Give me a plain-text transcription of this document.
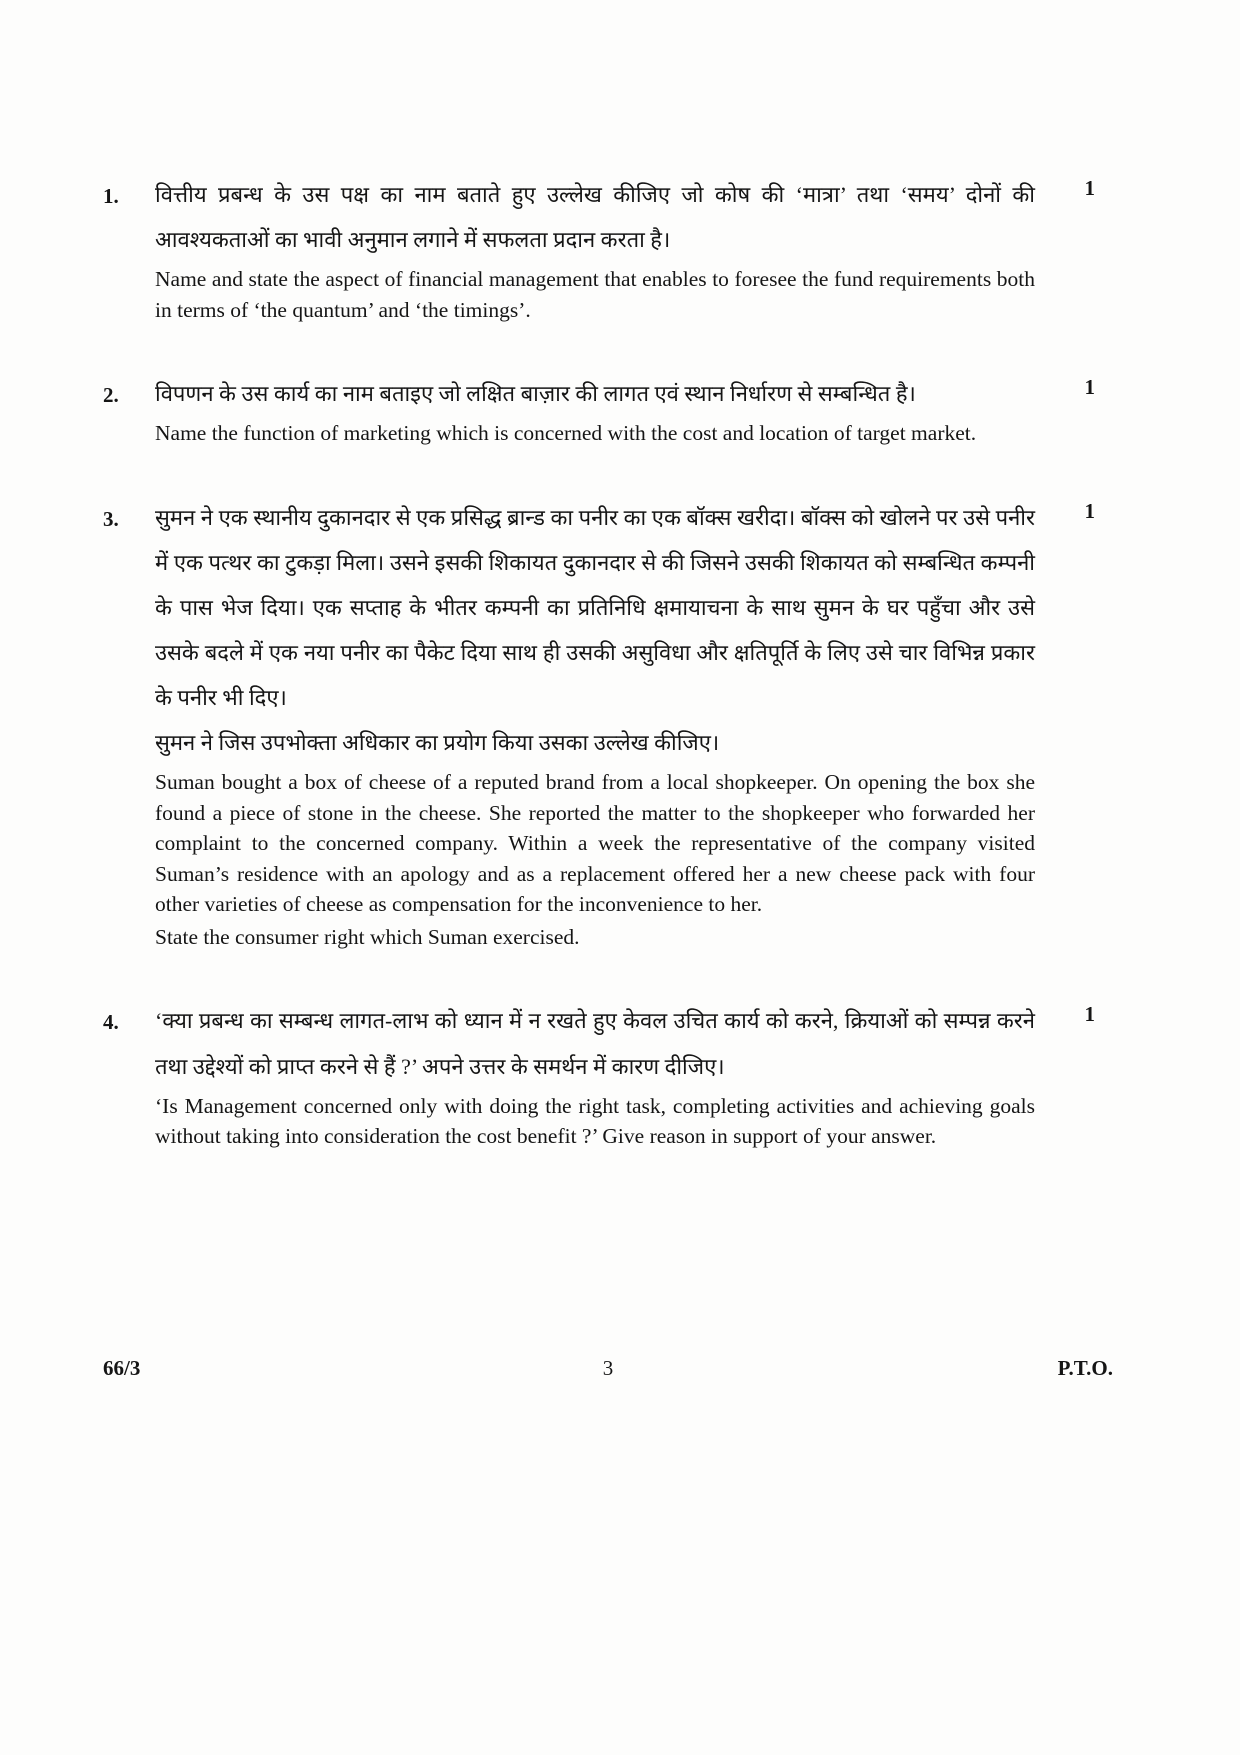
1.	वित्तीय प्रबन्ध के उस पक्ष का नाम बताते हुए उल्लेख कीजिए जो कोष की ‘मात्रा’ तथा ‘समय’ दोनों की आवश्यकताओं का भावी अनुमान लगाने में सफलता प्रदान करता है।

Name and state the aspect of financial management that enables to foresee the fund requirements both in terms of ‘the quantum’ and ‘the timings’.

1
2.	विपणन के उस कार्य का नाम बताइए जो लक्षित बाज़ार की लागत एवं स्थान निर्धारण से सम्बन्धित है।

Name the function of marketing which is concerned with the cost and location of target market.

1
3.	सुमन ने एक स्थानीय दुकानदार से एक प्रसिद्ध ब्रान्ड का पनीर का एक बॉक्स खरीदा। बॉक्स को खोलने पर उसे पनीर में एक पत्थर का टुकड़ा मिला। उसने इसकी शिकायत दुकानदार से की जिसने उसकी शिकायत को सम्बन्धित कम्पनी के पास भेज दिया। एक सप्ताह के भीतर कम्पनी का प्रतिनिधि क्षमायाचना के साथ सुमन के घर पहुँचा और उसे उसके बदले में एक नया पनीर का पैकेट दिया साथ ही उसकी असुविधा और क्षतिपूर्ति के लिए उसे चार विभिन्न प्रकार के पनीर भी दिए।

सुमन ने जिस उपभोक्ता अधिकार का प्रयोग किया उसका उल्लेख कीजिए।

Suman bought a box of cheese of a reputed brand from a local shopkeeper. On opening the box she found a piece of stone in the cheese. She reported the matter to the shopkeeper who forwarded her complaint to the concerned company. Within a week the representative of the company visited Suman’s residence with an apology and as a replacement offered her a new cheese pack with four other varieties of cheese as compensation for the inconvenience to her.

State the consumer right which Suman exercised.

1
4.	‘क्या प्रबन्ध का सम्बन्ध लागत-लाभ को ध्यान में न रखते हुए केवल उचित कार्य को करने, क्रियाओं को सम्पन्न करने तथा उद्देश्यों को प्राप्त करने से हैं ?’ अपने उत्तर के समर्थन में कारण दीजिए।

‘Is Management concerned only with doing the right task, completing activities and achieving goals without taking into consideration the cost benefit ?’ Give reason in support of your answer.

1
66/3	3	P.T.O.
